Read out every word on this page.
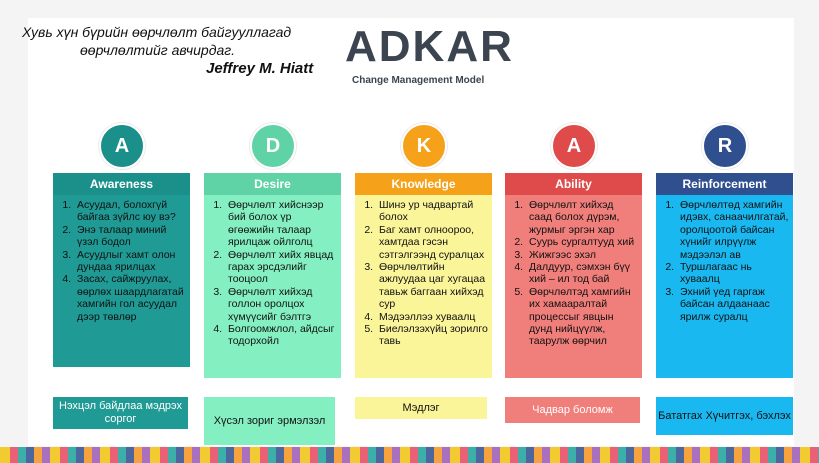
Хувь хүн бүрийн өөрчлөлт байгууллагад
өөрчлөлтийг авчирдаг.
Jeffrey M. Hiatt ADKAR
Change Management Model
A
Awareness
1. Асуудал, болохгүй байгаа зүйлс юу вэ?
2. Энэ талаар миний үзэл бодол
3. Асуудлыг хамт олон дундаа ярилцах
4. Засах, сайжруулах, өөрлөх шаардлагатай хамгийн гол асуудал дээр төвлөр
Нэхцэл байдлаа мэдрэх соргог
D
Desire
1. Өөрчлөлт хийснээр бий болох үр өгөөжийн талаар ярилцаж ойлголц
2. Өөрчлөлт хийх явцад гарах эрсдэлийг тооцоол
3. Өөрчлөлт хийхэд голлон оролцох хүмүүсийг бэлтгэ
4. Болгоомжлол, айдсыг тодорхойл
Хүсэл зориг эрмэлзэл
K
Knowledge
1. Шинэ ур чадвартай болох
2. Баг хамт олноороо, хамтдаа гэсэн сэтгэлгээнд суралцах
3. Өөрчлөлтийн ажлуудаа цаг хугацаа тавьж баггаан хийхэд сур
4. Мэдээллээ хуваалц
5. Биелэлзэхүйц зорилго тавь
Мэдлэг
A
Ability
1. Өөрчлөлт хийхэд саад болох дүрэм, журмыг эргэн хар
2. Суурь сургалтууд хий
3. Жижгээс эхэл
4. Далдуур, сэмхэн бүү хий – ил тод бай
5. Өөрчлөлтэд хамгийн их хамааралтай процессыг явцын дунд нийцүүлж, таарулж өөрчил
Чадвар боломж
R
Reinforcement
1. Өөрчлөлтөд хамгийн идэвх, санаачилгатай, оролцоотой байсан хүнийг илрүүлж мэдээлэл ав
2. Туршлагаас нь хуваалц
3. Эхний үед гаргаж байсан алдаанаас ярилж суралц
Бататгах Хүчитгэх, бэхлэх
